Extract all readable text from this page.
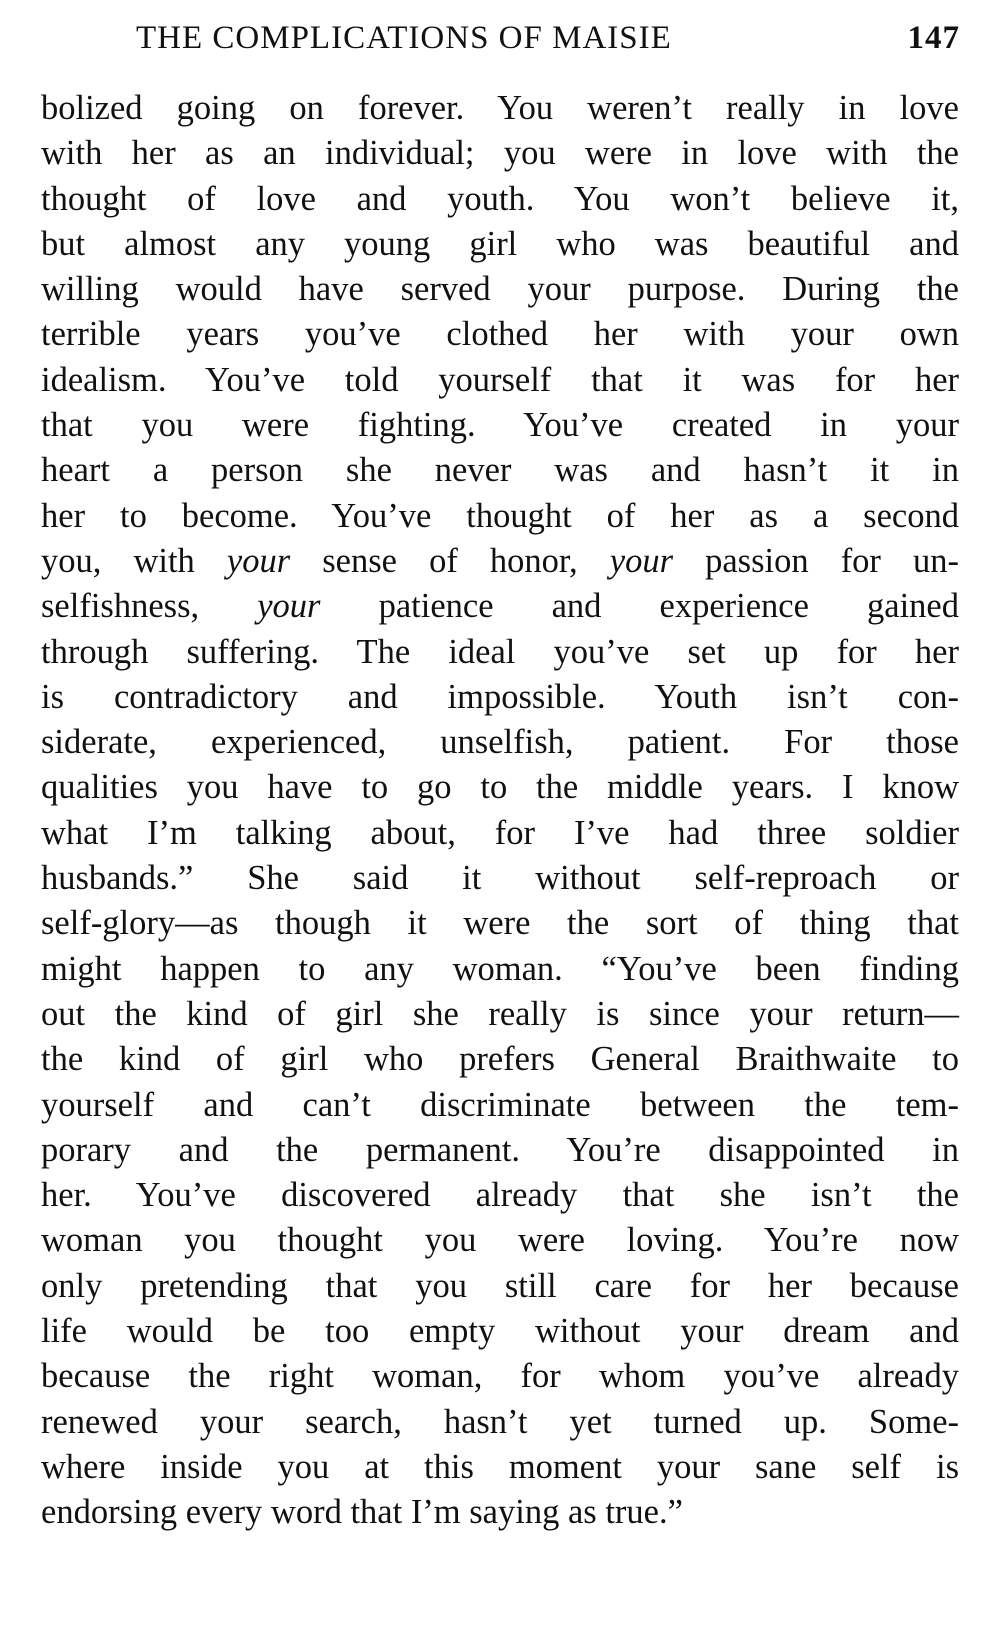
THE COMPLICATIONS OF MAISIE	147
bolized going on forever. You weren’t really in love
with her as an individual; you were in love with the
thought of love and youth. You won’t believe it,
but almost any young girl who was beautiful and
willing would have served your purpose. During the
terrible years you’ve clothed her with your own
idealism. You’ve told yourself that it was for her
that you were fighting. You’ve created in your
heart a person she never was and hasn’t it in
her to become. You’ve thought of her as a second
you, with your sense of honor, your passion for un-
selfishness, your patience and experience gained
through suffering. The ideal you’ve set up for her
is contradictory and impossible. Youth isn’t con-
siderate, experienced, unselfish, patient. For those
qualities you have to go to the middle years. I know
what I’m talking about, for I’ve had three soldier
husbands.” She said it without self-reproach or
self-glory—as though it were the sort of thing that
might happen to any woman. “You’ve been finding
out the kind of girl she really is since your return—
the kind of girl who prefers General Braithwaite to
yourself and can’t discriminate between the tem-
porary and the permanent. You’re disappointed in
her. You’ve discovered already that she isn’t the
woman you thought you were loving. You’re now
only pretending that you still care for her because
life would be too empty without your dream and
because the right woman, for whom you’ve already
renewed your search, hasn’t yet turned up. Some-
where inside you at this moment your sane self is
endorsing every word that I’m saying as true.”
